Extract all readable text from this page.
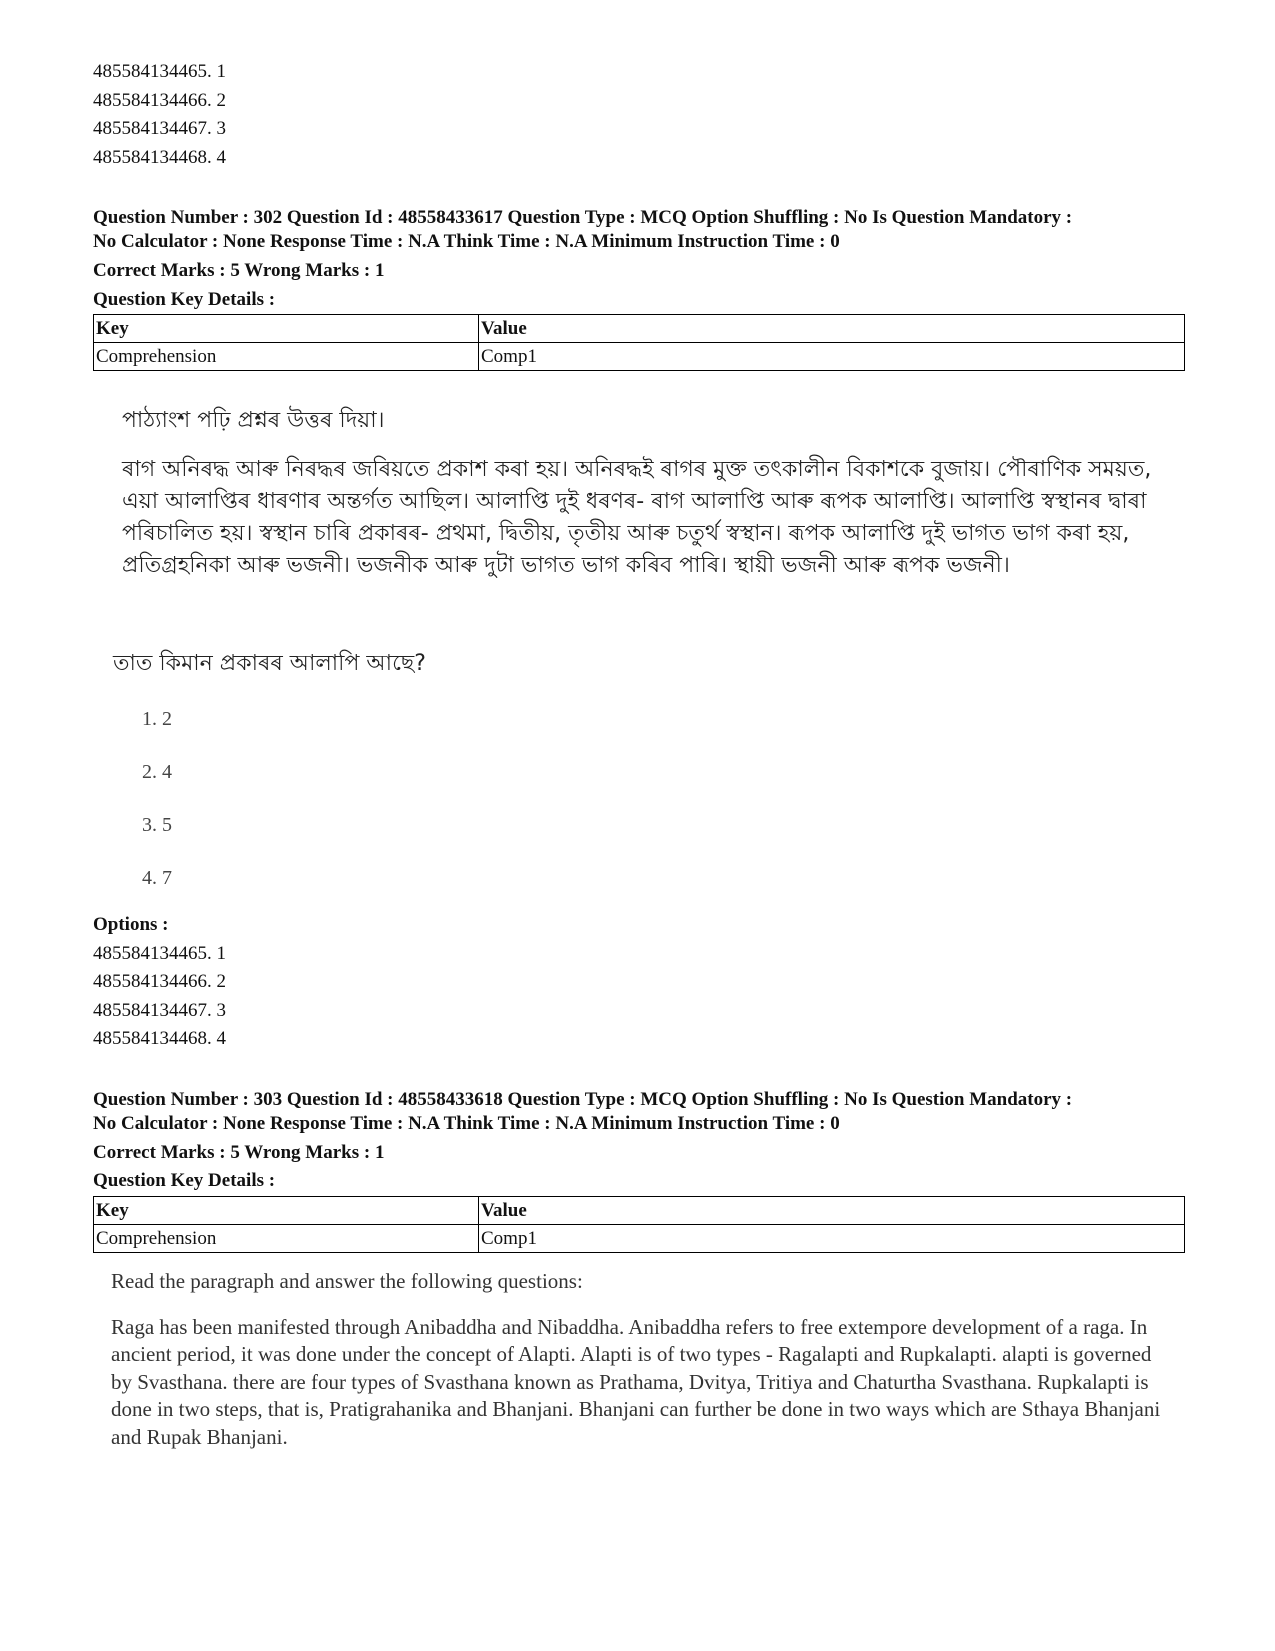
485584134465. 1
485584134466. 2
485584134467. 3
485584134468. 4
Question Number : 302 Question Id : 48558433617 Question Type : MCQ Option Shuffling : No Is Question Mandatory :
No Calculator : None Response Time : N.A Think Time : N.A Minimum Instruction Time : 0
Correct Marks : 5 Wrong Marks : 1
Question Key Details :
Key	Value
Comprehension	Comp1
পাঠ্যাংশ পঢ়ি প্ৰশ্নৰ উত্তৰ দিয়া।
ৰাগ অনিৰদ্ধ আৰু নিৰদ্ধৰ জৰিয়তে প্ৰকাশ কৰা হয়। অনিৰদ্ধই ৰাগৰ মুক্ত তৎকালীন বিকাশকে বুজায়। পৌৰাণিক সময়ত, এয়া আলাপ্তিৰ ধাৰণাৰ অন্তৰ্গত আছিল। আলাপ্তি দুই ধৰণৰ- ৰাগ আলাপ্তি আৰু ৰূপক আলাপ্তি। আলাপ্তি স্বস্থানৰ দ্বাৰা পৰিচালিত হয়। স্বস্থান চাৰি প্ৰকাৰৰ- প্ৰথমা, দ্বিতীয়, তৃতীয় আৰু চতুৰ্থ স্বস্থান। ৰূপক আলাপ্তি দুই ভাগত ভাগ কৰা হয়, প্ৰতিগ্ৰহনিকা আৰু ভজনী। ভজনীক আৰু দুটা ভাগত ভাগ কৰিব পাৰি। স্থায়ী ভজনী আৰু ৰূপক ভজনী।
তাত কিমান প্ৰকাৰৰ আলাপি আছে?
1. 2
2. 4
3. 5
4. 7
Options :
485584134465. 1
485584134466. 2
485584134467. 3
485584134468. 4
Question Number : 303 Question Id : 48558433618 Question Type : MCQ Option Shuffling : No Is Question Mandatory :
No Calculator : None Response Time : N.A Think Time : N.A Minimum Instruction Time : 0
Correct Marks : 5 Wrong Marks : 1
Question Key Details :
Key	Value
Comprehension	Comp1
Read the paragraph and answer the following questions:
Raga has been manifested through Anibaddha and Nibaddha. Anibaddha refers to free extempore development of a raga. In ancient period, it was done under the concept of Alapti. Alapti is of two types - Ragalapti and Rupkalapti. alapti is governed by Svasthana. there are four types of Svasthana known as Prathama, Dvitya, Tritiya and Chaturtha Svasthana. Rupkalapti is done in two steps, that is, Pratigrahanika and Bhanjani. Bhanjani can further be done in two ways which are Sthaya Bhanjani and Rupak Bhanjani.
